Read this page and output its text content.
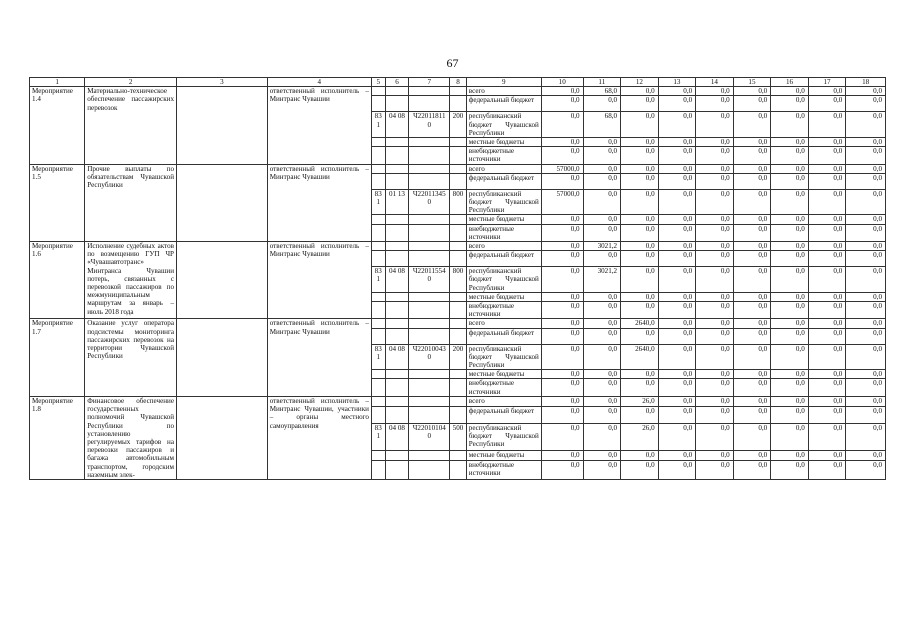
67
1	2	3	4	5	6	7	8	9	10	11	12	13	14	15	16	17	18
Мероприятие 1.4	Материально-техническое обеспечение пассажирских перевозок		ответственный исполнитель – Минтранс Чувашии					всего	0,0	68,0	0,0	0,0	0,0	0,0	0,0	0,0	0,0
								федеральный бюджет	0,0	0,0	0,0	0,0	0,0	0,0	0,0	0,0	0,0
				831	04 08	Ч220118110	200	республиканский бюджет Чувашской Республики	0,0	68,0	0,0	0,0	0,0	0,0	0,0	0,0	0,0
								местные бюджеты	0,0	0,0	0,0	0,0	0,0	0,0	0,0	0,0	0,0
								внебюджетные источники	0,0	0,0	0,0	0,0	0,0	0,0	0,0	0,0	0,0
Мероприятие 1.5	Прочие выплаты по обязательствам Чувашской Республики		ответственный исполнитель – Минтранс Чувашии					всего	57000,0	0,0	0,0	0,0	0,0	0,0	0,0	0,0	0,0
								федеральный бюджет	0,0	0,0	0,0	0,0	0,0	0,0	0,0	0,0	0,0
				831	01 13	Ч220113450	800	республиканский бюджет Чувашской Республики	57000,0	0,0	0,0	0,0	0,0	0,0	0,0	0,0	0,0
								местные бюджеты	0,0	0,0	0,0	0,0	0,0	0,0	0,0	0,0	0,0
								внебюджетные источники	0,0	0,0	0,0	0,0	0,0	0,0	0,0	0,0	0,0
Мероприятие 1.6	Исполнение судебных актов по возмещению ГУП ЧР «Чувашавтотранс» Минтранса Чувашии потерь, связанных с перевозкой пассажиров по межмуниципальным маршрутам за январь – июль 2018 года		ответственный исполнитель – Минтранс Чувашии					всего	0,0	3021,2	0,0	0,0	0,0	0,0	0,0	0,0	0,0
								федеральный бюджет	0,0	0,0	0,0	0,0	0,0	0,0	0,0	0,0	0,0
				831	04 08	Ч220115540	800	республиканский бюджет Чувашской Республики	0,0	3021,2	0,0	0,0	0,0	0,0	0,0	0,0	0,0
								местные бюджеты	0,0	0,0	0,0	0,0	0,0	0,0	0,0	0,0	0,0
								внебюджетные источники	0,0	0,0	0,0	0,0	0,0	0,0	0,0	0,0	0,0
Мероприятие 1.7	Оказание услуг оператора подсистемы мониторинга пассажирских перевозок на территории Чувашской Республики		ответственный исполнитель – Минтранс Чувашии					всего	0,0	0,0	2640,0	0,0	0,0	0,0	0,0	0,0	0,0
								федеральный бюджет	0,0	0,0	0,0	0,0	0,0	0,0	0,0	0,0	0,0
				831	04 08	Ч220100430	200	республиканский бюджет Чувашской Республики	0,0	0,0	2640,0	0,0	0,0	0,0	0,0	0,0	0,0
								местные бюджеты	0,0	0,0	0,0	0,0	0,0	0,0	0,0	0,0	0,0
								внебюджетные источники	0,0	0,0	0,0	0,0	0,0	0,0	0,0	0,0	0,0
Мероприятие 1.8	Финансовое обеспечение государственных полномочий Чувашской Республики по установлению регулируемых тарифов на перевозки пассажиров и багажа автомобильным транспортом, городским наземным элек-		ответственный исполнитель – Минтранс Чувашии, участники – органы местного самоуправления					всего	0,0	0,0	26,0	0,0	0,0	0,0	0,0	0,0	0,0
								федеральный бюджет	0,0	0,0	0,0	0,0	0,0	0,0	0,0	0,0	0,0
				831	04 08	Ч220101040	500	республиканский бюджет Чувашской Республики	0,0	0,0	26,0	0,0	0,0	0,0	0,0	0,0	0,0
								местные бюджеты	0,0	0,0	0,0	0,0	0,0	0,0	0,0	0,0	0,0
								внебюджетные источники	0,0	0,0	0,0	0,0	0,0	0,0	0,0	0,0	0,0
